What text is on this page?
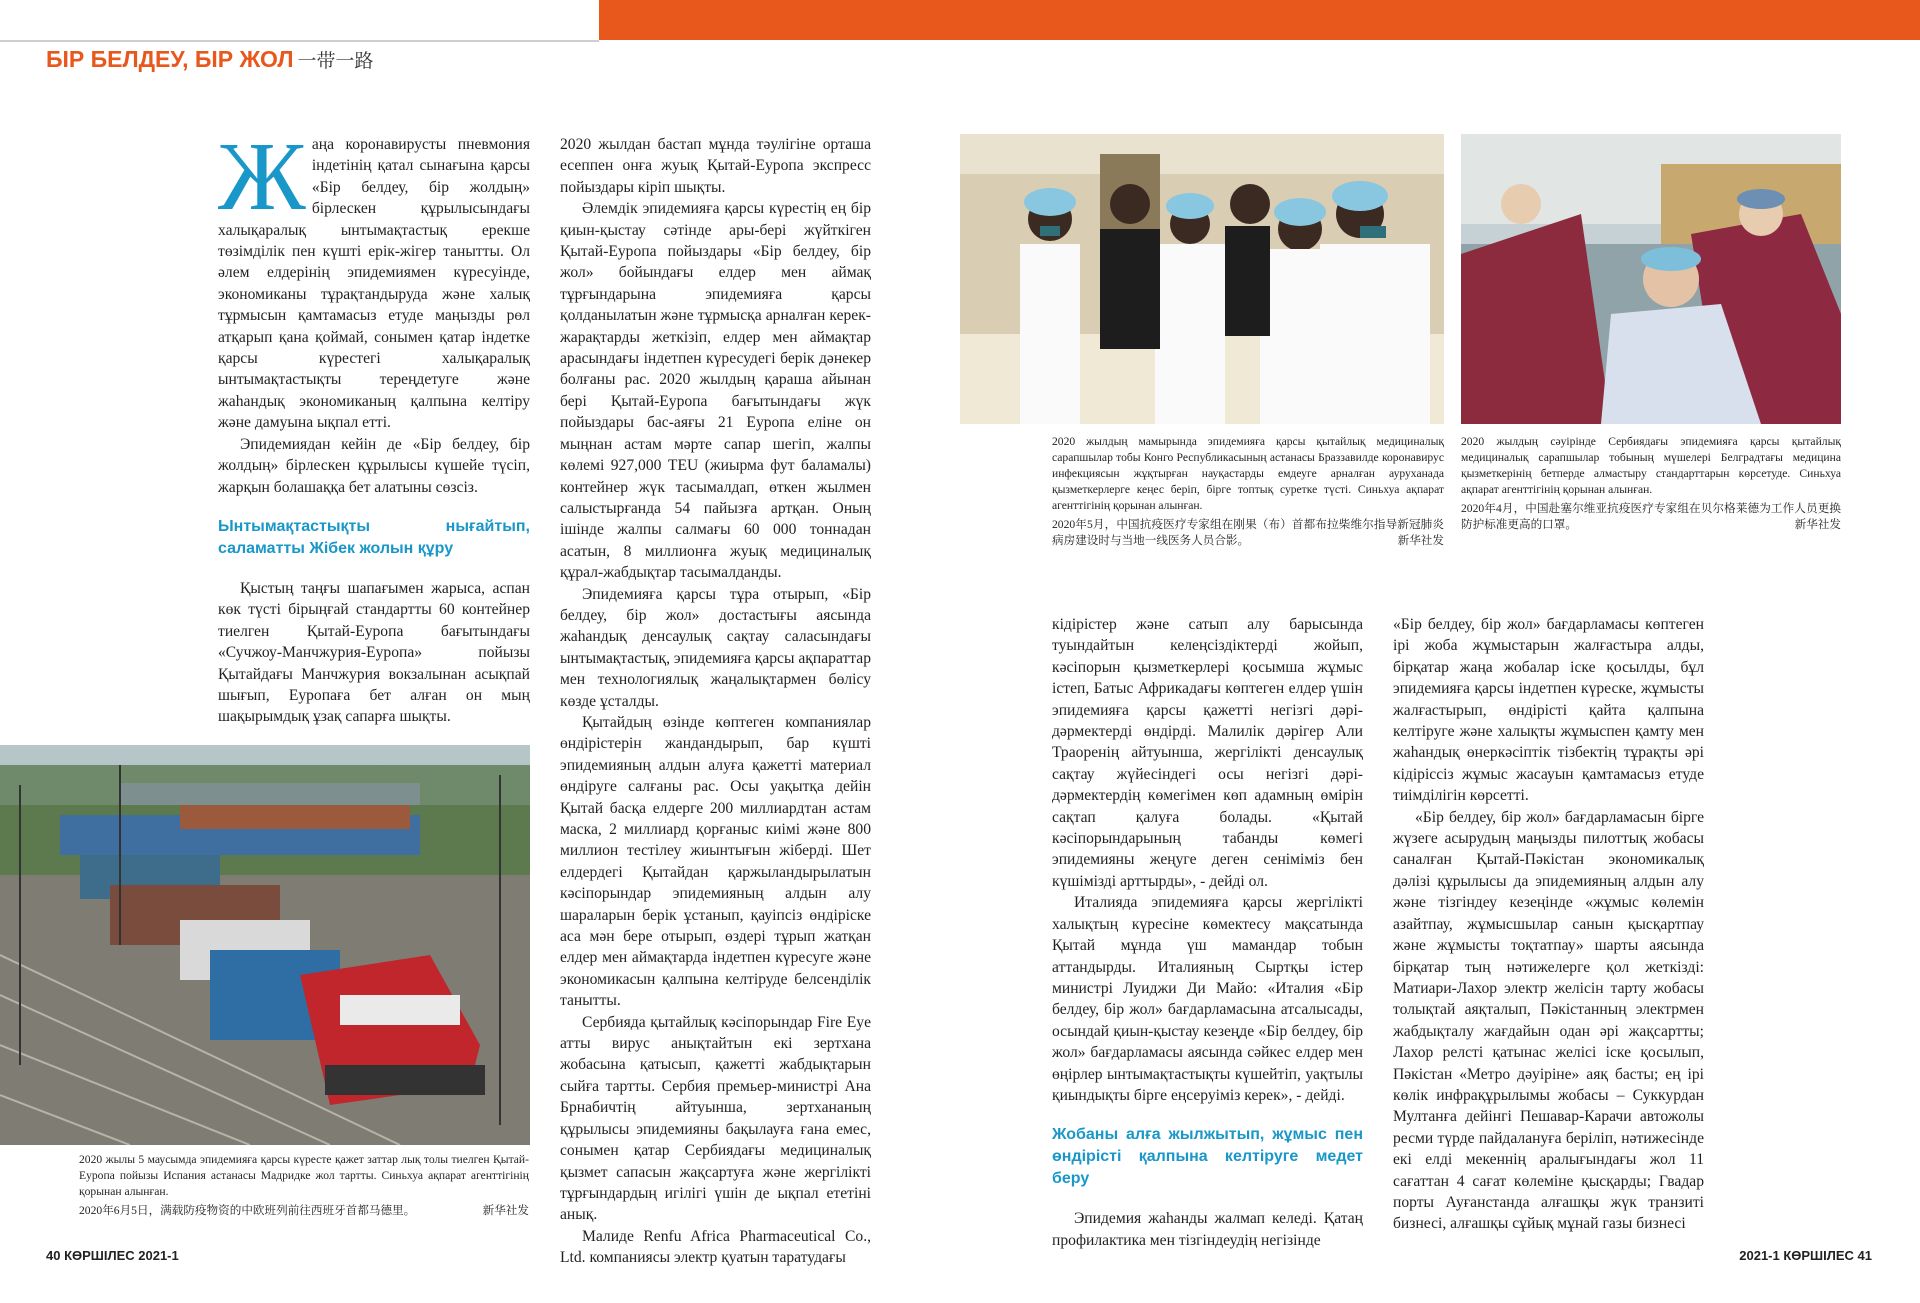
БІР БЕЛДЕУ, БІР ЖОЛ 一带一路

Жаңа коронавирусты пневмония індетінің қатал сынағына қарсы «Бір белдеу, бір жолдың» бірлескен құрылысындағы халықаралық ынтымақтастық ерекше төзімділік пен күшті ерік-жігер танытты. Ол әлем елдерінің эпидемиямен күресуінде, экономиканы тұрақтандыруда және халық тұрмысын қамтамасыз етуде маңызды рөл атқарып қана қоймай, сонымен қатар індетке қарсы күрестегі халықаралық ынтымақтастықты тереңдетуге және жаһандық экономиканың қалпына келтіру және дамуына ықпал етті.

Эпидемиядан кейін де «Бір белдеу, бір жолдың» бірлескен құрылысы күшейе түсіп, жарқын болашаққа бет алатыны сөзсіз.

Ынтымақтастықты нығайтып, саламатты Жібек жолын құру

Қыстың таңғы шапағымен жарыса, аспан көк түсті бірыңғай стандартты 60 контейнер тиелген Қытай-Еуропа бағытындағы «Сучжоу-Манчжурия-Еуропа» пойызы Қытайдағы Манчжурия вокзалынан асықпай шығып, Еуропаға бет алған он мың шақырымдық ұзақ сапарға шықты.

2020 жылы 5 маусымда эпидемияға қарсы күресте қажет заттар лық толы тиелген Қытай-Еуропа пойызы Испания астанасы Мадридке жол тартты. Синьхуа ақпарат агенттігінің қорынан алынған.
2020年6月5日，满载防疫物资的中欧班列前往西班牙首都马德里。	新华社发

2020 жылдан бастап мұнда тәулігіне орташа есеппен онға жуық Қытай-Еуропа экспресс пойыздары кіріп шықты.

Әлемдік эпидемияға қарсы күрестің ең бір қиын-қыстау сәтінде ары-бері жүйткіген Қытай-Еуропа пойыздары «Бір белдеу, бір жол» бойындағы елдер мен аймақ тұрғындарына эпидемияға қарсы қолданылатын және тұрмысқа арналған керек-жарақтарды жеткізіп, елдер мен аймақтар арасындағы індетпен күресудегі берік дәнекер болғаны рас. 2020 жылдың қараша айынан бері Қытай-Еуропа бағытындағы жүк пойыздары бас-аяғы 21 Еуропа еліне он мыңнан астам мәрте сапар шегіп, жалпы көлемі 927,000 TEU (жиырма фут баламалы) контейнер жүк тасымалдап, өткен жылмен салыстырғанда 54 пайызға артқан. Оның ішінде жалпы салмағы 60 000 тоннадан асатын, 8 миллионға жуық медициналық құрал-жабдықтар тасымалданды.

Эпидемияға қарсы тұра отырып, «Бір белдеу, бір жол» достастығы аясында жаһандық денсаулық сақтау саласындағы ынтымақтастық, эпидемияға қарсы ақпараттар мен технологиялық жаңалықтармен бөлісу көзде ұсталды.

Қытайдың өзінде көптеген компаниялар өндірістерін жандандырып, бар күшті эпидемияның алдын алуға қажетті материал өндіруге салғаны рас. Осы уақытқа дейін Қытай басқа елдерге 200 миллиардтан астам маска, 2 миллиард қорғаныс киімі және 800 миллион тестілеу жиынтығын жіберді. Шет елдердегі Қытайдан қаржыландырылатын кәсіпорындар эпидемияның алдын алу шараларын берік ұстанып, қауіпсіз өндіріске аса мән бере отырып, өздері тұрып жатқан елдер мен аймақтарда індетпен күресуге және экономикасын қалпына келтіруде белсенділік танытты.

Сербияда қытайлық кәсіпорындар Fire Eye атты вирус анықтайтын екі зертхана жобасына қатысып, қажетті жабдықтарын сыйға тартты. Сербия премьер-министрі Ана Брнабичтің айтуынша, зертхананың құрылысы эпидемияны бақылауға ғана емес, сонымен қатар Сербиядағы медициналық қызмет сапасын жақсартуға және жергілікті тұрғындардың игілігі үшін де ықпал ететіні анық.

Малиде Renfu Africa Pharmaceutical Co., Ltd. компаниясы электр қуатын таратудағы

2020 жылдың мамырында эпидемияға қарсы қытайлық медициналық сарапшылар тобы Конго Республикасының астанасы Браззавилде коронавирус инфекциясын жұқтырған науқастарды емдеуге арналған ауруханада қызметкерлерге кеңес беріп, бірге топтық суретке түсті. Синьхуа ақпарат агенттігінің қорынан алынған.
2020年5月，中国抗疫医疗专家组在刚果（布）首都布拉柴维尔指导新冠肺炎病房建设时与当地一线医务人员合影。	新华社发
2020 жылдың сәуірінде Сербиядағы эпидемияға қарсы қытайлық медициналық сарапшылар тобының мүшелері Белградтағы медицина қызметкерінің бетперде алмастыру стандарттарын көрсетуде. Синьхуа ақпарат агенттігінің қорынан алынған.
2020年4月，中国赴塞尔维亚抗疫医疗专家组在贝尔格莱德为工作人员更换防护标准更高的口罩。	新华社发

кідірістер және сатып алу барысында туындайтын келеңсіздіктерді жойып, кәсіпорын қызметкерлері қосымша жұмыс істеп, Батыс Африкадағы көптеген елдер үшін эпидемияға қарсы қажетті негізгі дәрі-дәрмектерді өндірді. Малилік дәрігер Али Траоренің айтуынша, жергілікті денсаулық сақтау жүйесіндегі осы негізгі дәрі-дәрмектердің көмегімен көп адамның өмірін сақтап қалуға болады. «Қытай кәсіпорындарының табанды көмегі эпидемияны жеңуге деген сеніміміз бен күшімізді арттырды», - дейді ол.

Италияда эпидемияға қарсы жергілікті халықтың күресіне көмектесу мақсатында Қытай мұнда үш мамандар тобын аттандырды. Италияның Сыртқы істер министрі Луиджи Ди Майо: «Италия «Бір белдеу, бір жол» бағдарламасына атсалысады, осындай қиын-қыстау кезеңде «Бір белдеу, бір жол» бағдарламасы аясында сәйкес елдер мен өңірлер ынтымақтастықты күшейтіп, уақтылы қиындықты бірге еңсеруіміз керек», - дейді.

Жобаны алға жылжытып, жұмыс пен өндірісті қалпына келтіруге медет беру

Эпидемия жаһанды жалмап келеді. Қатаң профилактика мен тізгіндеудің негізінде

«Бір белдеу, бір жол» бағдарламасы көптеген ірі жоба жұмыстарын жалғастыра алды, бірқатар жаңа жобалар іске қосылды, бұл эпидемияға қарсы індетпен күреске, жұмысты жалғастырып, өндірісті қайта қалпына келтіруге және халықты жұмыспен қамту мен жаһандық өнеркәсіптік тізбектің тұрақты әрі кідіріссіз жұмыс жасауын қамтамасыз етуде тиімділігін көрсетті.

«Бір белдеу, бір жол» бағдарламасын бірге жүзеге асырудың маңызды пилоттық жобасы саналған Қытай-Пәкістан экономикалық дәлізі құрылысы да эпидемияның алдын алу және тізгіндеу кезеңінде «жұмыс көлемін азайтпау, жұмысшылар санын қысқартпау және жұмысты тоқтатпау» шарты аясында бірқатар тың нәтижелерге қол жеткізді: Матиари-Лахор электр желісін тарту жобасы толықтай аяқталып, Пәкістанның электрмен жабдықталу жағдайын одан әрі жақсартты; Лахор релсті қатынас желісі іске қосылып, Пәкістан «Метро дәуіріне» аяқ басты; ең ірі көлік инфрақұрылымы жобасы – Суккурдан Мултанға дейінгі Пешавар-Карачи автожолы ресми түрде пайдалануға беріліп, нәтижесінде екі елді мекеннің аралығындағы жол 11 сағаттан 4 сағат көлеміне қысқарды; Гвадар порты Ауғанстанда алғашқы жүк транзиті бизнесі, алғашқы сұйық мұнай газы бизнесі

40 КӨРШІЛЕС 2021-1	2021-1 КӨРШІЛЕС 41
